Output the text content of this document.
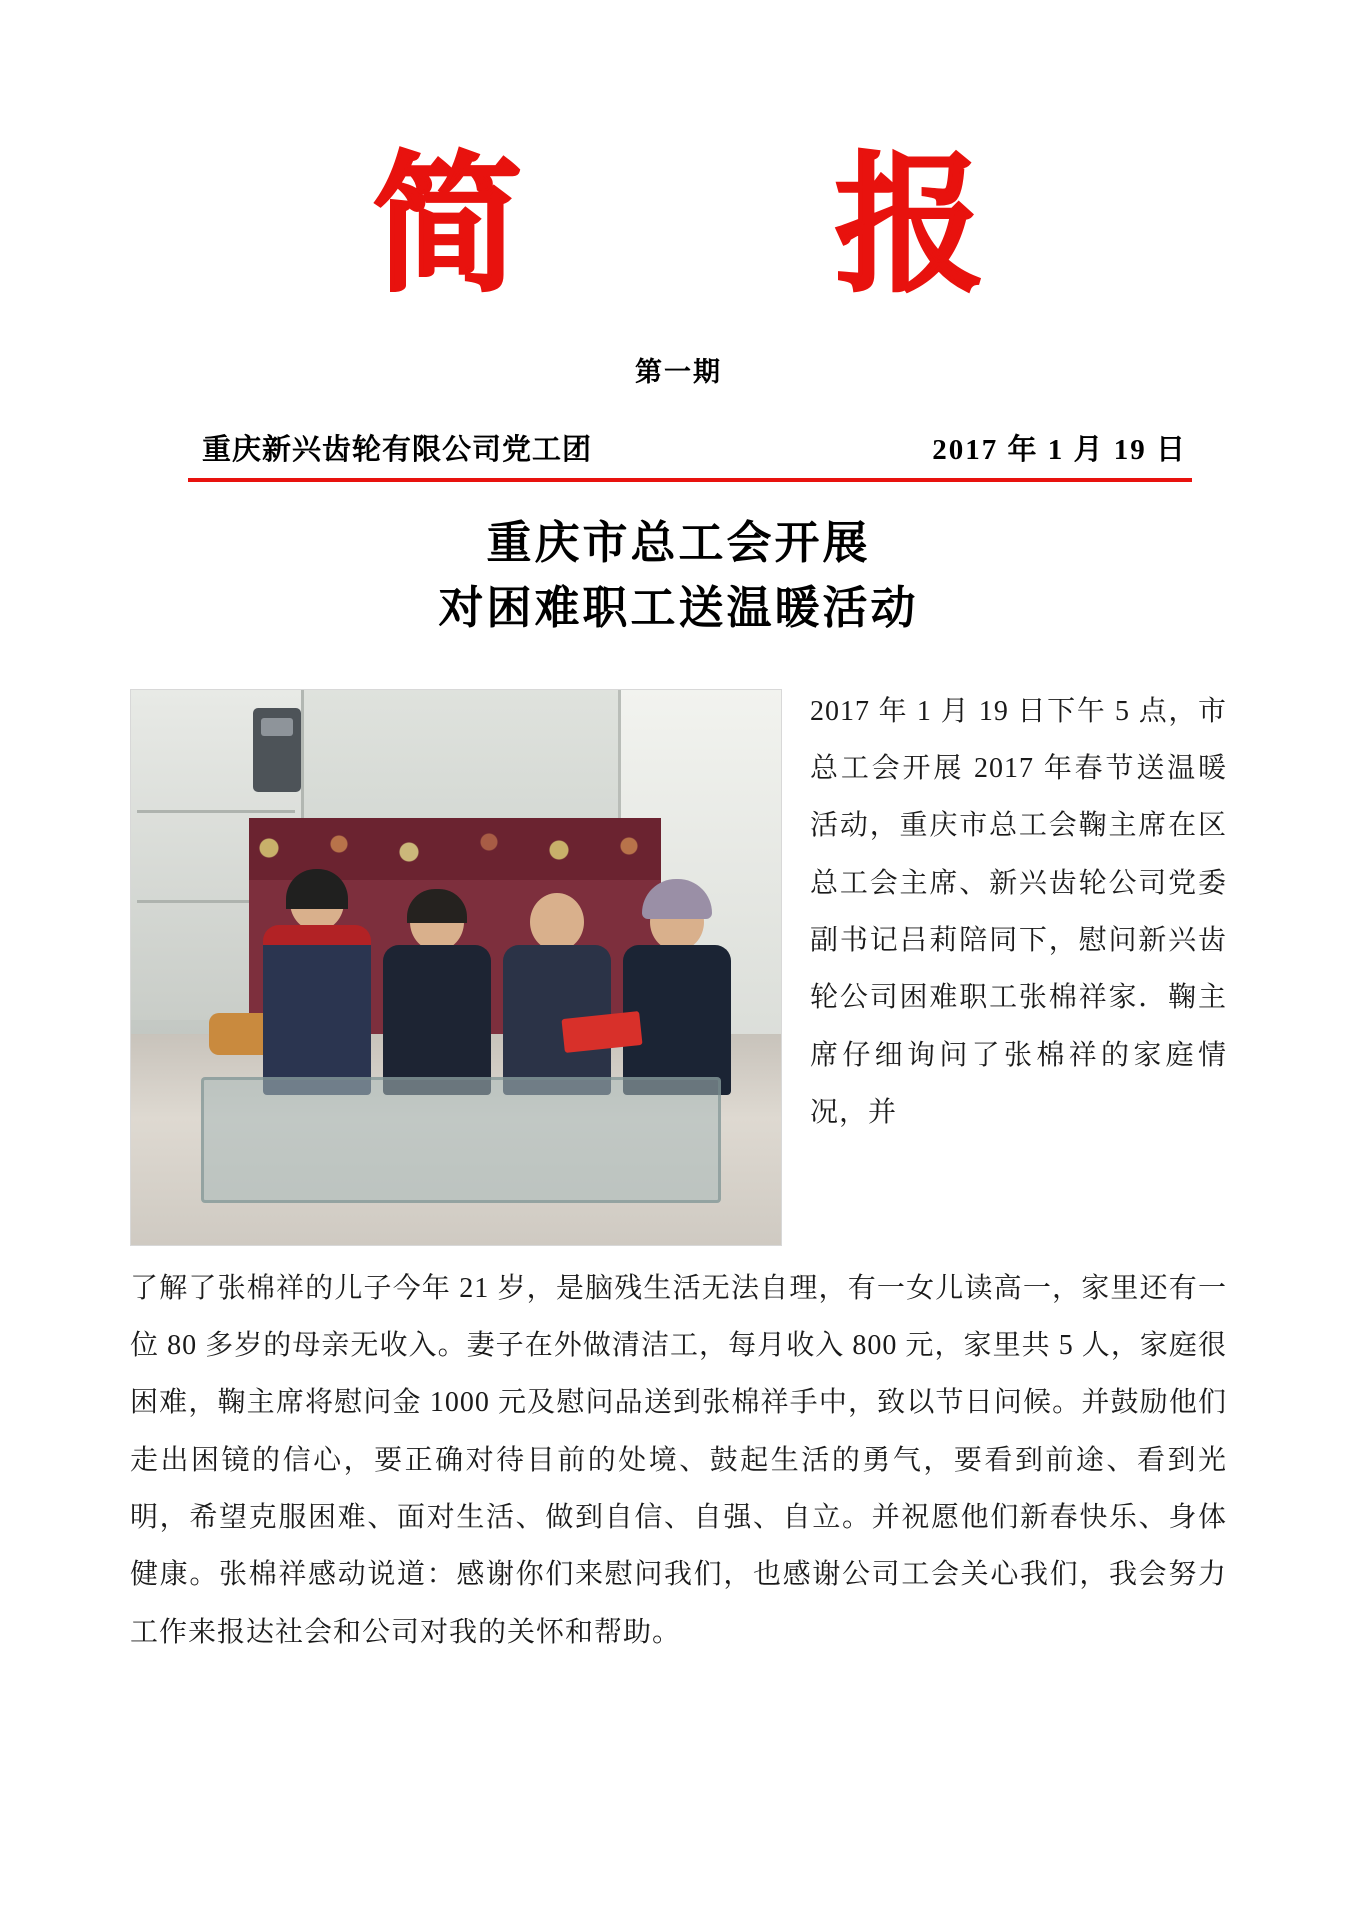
简 报
第一期
重庆新兴齿轮有限公司党工团	2017 年 1 月 19 日
重庆市总工会开展
对困难职工送温暖活动
2017 年 1 月 19 日下午 5 点，市总工会开展 2017 年春节送温暖活动，重庆市总工会鞠主席在区总工会主席、新兴齿轮公司党委副书记吕莉陪同下，慰问新兴齿轮公司困难职工张棉祥家．鞠主席仔细询问了张棉祥的家庭情况，并
了解了张棉祥的儿子今年 21 岁，是脑残生活无法自理，有一女儿读高一，家里还有一位 80 多岁的母亲无收入。妻子在外做清洁工，每月收入 800 元，家里共 5 人，家庭很困难，鞠主席将慰问金 1000 元及慰问品送到张棉祥手中，致以节日问候。并鼓励他们走出困镜的信心，要正确对待目前的处境、鼓起生活的勇气，要看到前途、看到光明，希望克服困难、面对生活、做到自信、自强、自立。并祝愿他们新春快乐、身体健康。张棉祥感动说道：感谢你们来慰问我们，也感谢公司工会关心我们，我会努力工作来报达社会和公司对我的关怀和帮助。
